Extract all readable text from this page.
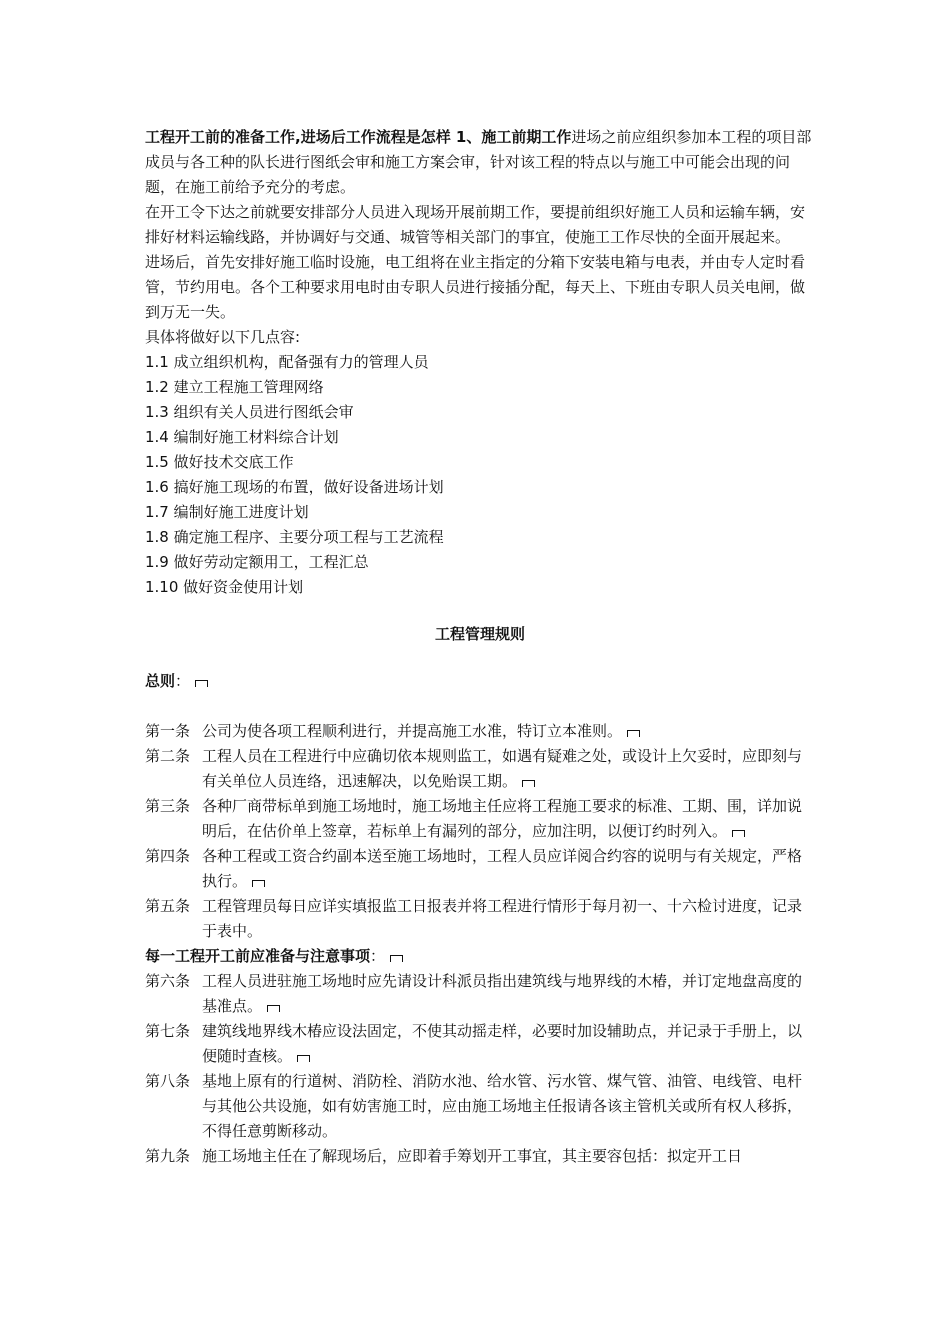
工程开工前的准备工作,进场后工作流程是怎样 1、施工前期工作进场之前应组织参加本工程的项目部成员与各工种的队长进行图纸会审和施工方案会审，针对该工程的特点以与施工中可能会出现的问题，在施工前给予充分的考虑。

在开工令下达之前就要安排部分人员进入现场开展前期工作，要提前组织好施工人员和运输车辆，安排好材料运输线路，并协调好与交通、城管等相关部门的事宜，使施工工作尽快的全面开展起来。

进场后，首先安排好施工临时设施，电工组将在业主指定的分箱下安装电箱与电表，并由专人定时看管，节约用电。各个工种要求用电时由专职人员进行接插分配，每天上、下班由专职人员关电闸，做到万无一失。

具体将做好以下几点容:

1.1 成立组织机构，配备强有力的管理人员

1.2 建立工程施工管理网络

1.3 组织有关人员进行图纸会审

1.4 编制好施工材料综合计划

1.5 做好技术交底工作

1.6 搞好施工现场的布置，做好设备进场计划

1.7 编制好施工进度计划

1.8 确定施工程序、主要分项工程与工艺流程

1.9 做好劳动定额用工，工程汇总

1.10 做好资金使用计划

工程管理规则

总则：

第一条 公司为使各项工程顺利进行，并提高施工水准，特订立本准则。

第二条 工程人员在工程进行中应确切依本规则监工，如遇有疑难之处，或设计上欠妥时，应即刻与有关单位人员连络，迅速解决，以免贻误工期。

第三条 各种厂商带标单到施工场地时，施工场地主任应将工程施工要求的标准、工期、围，详加说明后，在估价单上签章，若标单上有漏列的部分，应加注明，以便订约时列入。

第四条 各种工程或工资合约副本送至施工场地时，工程人员应详阅合约容的说明与有关规定，严格执行。

第五条 工程管理员每日应详实填报监工日报表并将工程进行情形于每月初一、十六检讨进度，记录于表中。

每一工程开工前应准备与注意事项：

第六条 工程人员进驻施工场地时应先请设计科派员指出建筑线与地界线的木椿，并订定地盘高度的基准点。

第七条 建筑线地界线木椿应设法固定，不使其动摇走样，必要时加设辅助点，并记录于手册上，以便随时查核。

第八条 基地上原有的行道树、消防栓、消防水池、给水管、污水管、煤气管、油管、电线管、电杆与其他公共设施，如有妨害施工时，应由施工场地主任报请各该主管机关或所有权人移拆，不得任意剪断移动。

第九条 施工场地主任在了解现场后，应即着手筹划开工事宜，其主要容包括：拟定开工日
